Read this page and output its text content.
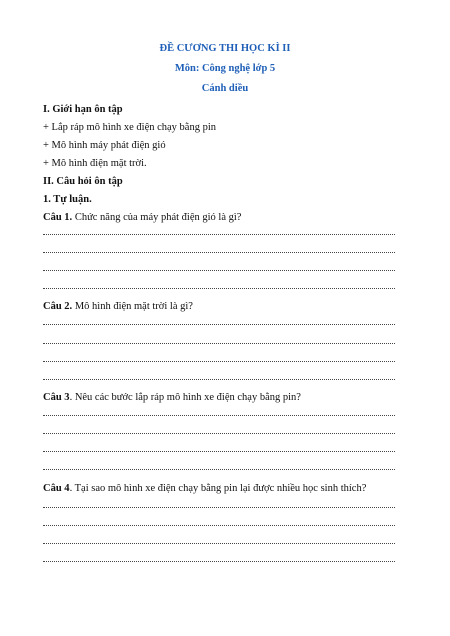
ĐỀ CƯƠNG THI HỌC KÌ II
Môn: Công nghệ lớp 5
Cánh diều
I. Giới hạn ôn tập
+ Lắp ráp mô hình xe điện chạy bằng pin
+ Mô hình máy phát điện gió
+ Mô hình điện mặt trời.
II. Câu hỏi ôn tập
1. Tự luận.
Câu 1. Chức năng của máy phát điện gió là gì?
Câu 2. Mô hình điện mặt trời là gì?
Câu 3. Nêu các bước lắp ráp mô hình xe điện chạy bằng pin?
Câu 4. Tại sao mô hình xe điện chạy bằng pin lại được nhiều học sinh thích?
